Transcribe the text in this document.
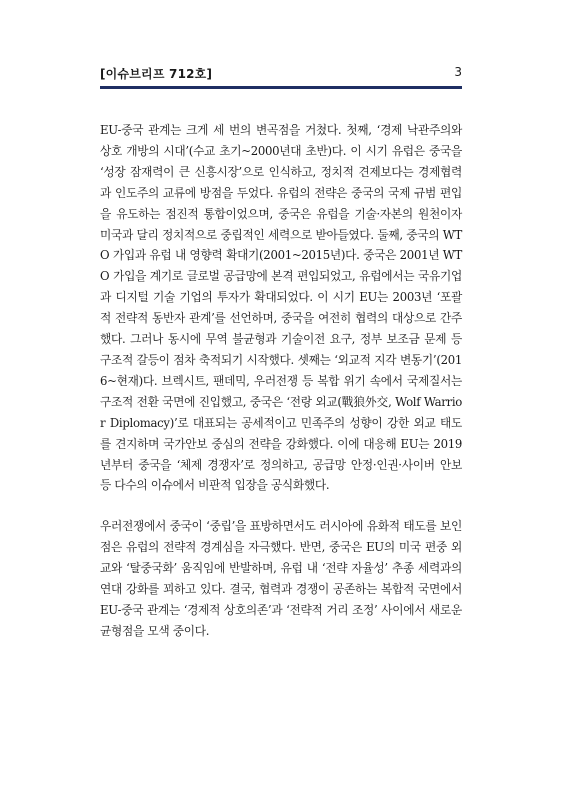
[이슈브리프 712호]	3

EU-중국 관계는 크게 세 번의 변곡점을 거쳤다. 첫째, ‘경제 낙관주의와 상호 개방의 시대’(수교 초기~2000년대 초반)다. 이 시기 유럽은 중국을 ‘성장 잠재력이 큰 신흥시장’으로 인식하고, 정치적 견제보다는 경제협력과 인도주의 교류에 방점을 두었다. 유럽의 전략은 중국의 국제 규범 편입을 유도하는 점진적 통합이었으며, 중국은 유럽을 기술·자본의 원천이자 미국과 달리 정치적으로 중립적인 세력으로 받아들였다. 둘째, 중국의 WTO 가입과 유럽 내 영향력 확대기(2001~2015년)다. 중국은 2001년 WTO 가입을 계기로 글로벌 공급망에 본격 편입되었고, 유럽에서는 국유기업과 디지털 기술 기업의 투자가 확대되었다. 이 시기 EU는 2003년 ‘포괄적 전략적 동반자 관계’를 선언하며, 중국을 여전히 협력의 대상으로 간주했다. 그러나 동시에 무역 불균형과 기술이전 요구, 정부 보조금 문제 등 구조적 갈등이 점차 축적되기 시작했다. 셋째는 ‘외교적 지각 변동기’(2016~현재)다. 브렉시트, 팬데믹, 우러전쟁 등 복합 위기 속에서 국제질서는 구조적 전환 국면에 진입했고, 중국은 ‘전랑 외교(戰狼外交, Wolf Warrior Diplomacy)’로 대표되는 공세적이고 민족주의 성향이 강한 외교 태도를 견지하며 국가안보 중심의 전략을 강화했다. 이에 대응해 EU는 2019년부터 중국을 ‘체제 경쟁자’로 정의하고, 공급망 안정·인권·사이버 안보 등 다수의 이슈에서 비판적 입장을 공식화했다.

우러전쟁에서 중국이 ‘중립’을 표방하면서도 러시아에 유화적 태도를 보인 점은 유럽의 전략적 경계심을 자극했다. 반면, 중국은 EU의 미국 편중 외교와 ‘탈중국화’ 움직임에 반발하며, 유럽 내 ‘전략 자율성’ 추종 세력과의 연대 강화를 꾀하고 있다. 결국, 협력과 경쟁이 공존하는 복합적 국면에서 EU-중국 관계는 ‘경제적 상호의존’과 ‘전략적 거리 조정’ 사이에서 새로운 균형점을 모색 중이다.
